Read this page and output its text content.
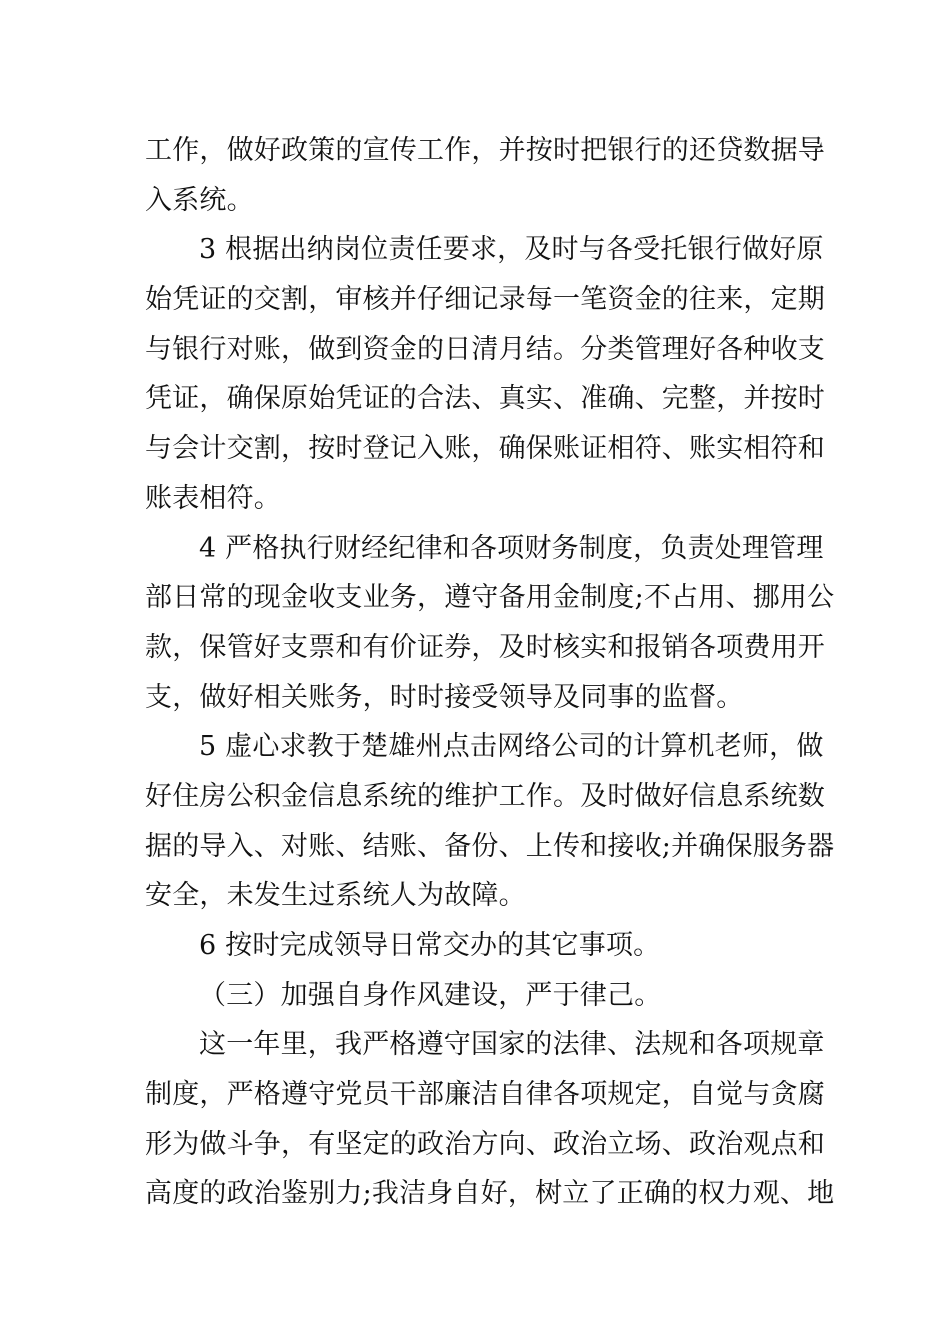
工作，做好政策的宣传工作，并按时把银行的还贷数据导
入系统。
3 根据出纳岗位责任要求，及时与各受托银行做好原
始凭证的交割，审核并仔细记录每一笔资金的往来，定期
与银行对账，做到资金的日清月结。分类管理好各种收支
凭证，确保原始凭证的合法、真实、准确、完整，并按时
与会计交割，按时登记入账，确保账证相符、账实相符和
账表相符。
4 严格执行财经纪律和各项财务制度，负责处理管理
部日常的现金收支业务，遵守备用金制度;不占用、挪用公
款，保管好支票和有价证券，及时核实和报销各项费用开
支，做好相关账务，时时接受领导及同事的监督。
5 虚心求教于楚雄州点击网络公司的计算机老师，做
好住房公积金信息系统的维护工作。及时做好信息系统数
据的导入、对账、结账、备份、上传和接收;并确保服务器
安全，未发生过系统人为故障。
6 按时完成领导日常交办的其它事项。
（三）加强自身作风建设，严于律己。
这一年里，我严格遵守国家的法律、法规和各项规章
制度，严格遵守党员干部廉洁自律各项规定，自觉与贪腐
形为做斗争，有坚定的政治方向、政治立场、政治观点和
高度的政治鉴别力;我洁身自好，树立了正确的权力观、地
